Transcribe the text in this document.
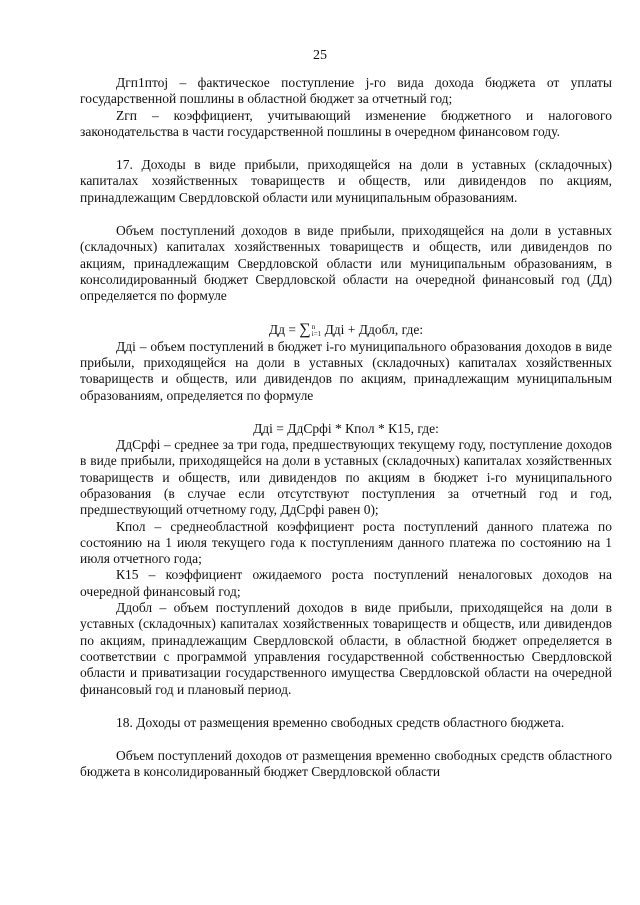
25

Дгп1птоj – фактическое поступление j-го вида дохода бюджета от уплаты государственной пошлины в областной бюджет за отчетный год;

Zгп – коэффициент, учитывающий изменение бюджетного и налогового законодательства в части государственной пошлины в очередном финансовом году.

17. Доходы в виде прибыли, приходящейся на доли в уставных (складочных) капиталах хозяйственных товариществ и обществ, или дивидендов по акциям, принадлежащим Свердловской области или муниципальным образованиям.

Объем поступлений доходов в виде прибыли, приходящейся на доли в уставных (складочных) капиталах хозяйственных товариществ и обществ, или дивидендов по акциям, принадлежащим Свердловской области или муниципальным образованиям, в консолидированный бюджет Свердловской области на очередной финансовый год (Дд) определяется по формуле

Дд = ∑n
i=1 Ддi + Ддобл, где:

Ддi – объем поступлений в бюджет i-го муниципального образования доходов в виде прибыли, приходящейся на доли в уставных (складочных) капиталах хозяйственных товариществ и обществ, или дивидендов по акциям, принадлежащим муниципальным образованиям, определяется по формуле

Ддi = ДдСрфi * Кпол * К15, где:

ДдСрфi – среднее за три года, предшествующих текущему году, поступление доходов в виде прибыли, приходящейся на доли в уставных (складочных) капиталах хозяйственных товариществ и обществ, или дивидендов по акциям в бюджет i-го муниципального образования (в случае если отсутствуют поступления за отчетный год и год, предшествующий отчетному году, ДдСрфi равен 0);

Кпол – среднеобластной коэффициент роста поступлений данного платежа по состоянию на 1 июля текущего года к поступлениям данного платежа по состоянию на 1 июля отчетного года;

К15 – коэффициент ожидаемого роста поступлений неналоговых доходов на очередной финансовый год;

Ддобл – объем поступлений доходов в виде прибыли, приходящейся на доли в уставных (складочных) капиталах хозяйственных товариществ и обществ, или дивидендов по акциям, принадлежащим Свердловской области, в областной бюджет определяется в соответствии с программой управления государственной собственностью Свердловской области и приватизации государственного имущества Свердловской области на очередной финансовый год и плановый период.

18. Доходы от размещения временно свободных средств областного бюджета.

Объем поступлений доходов от размещения временно свободных средств областного бюджета в консолидированный бюджет Свердловской области
